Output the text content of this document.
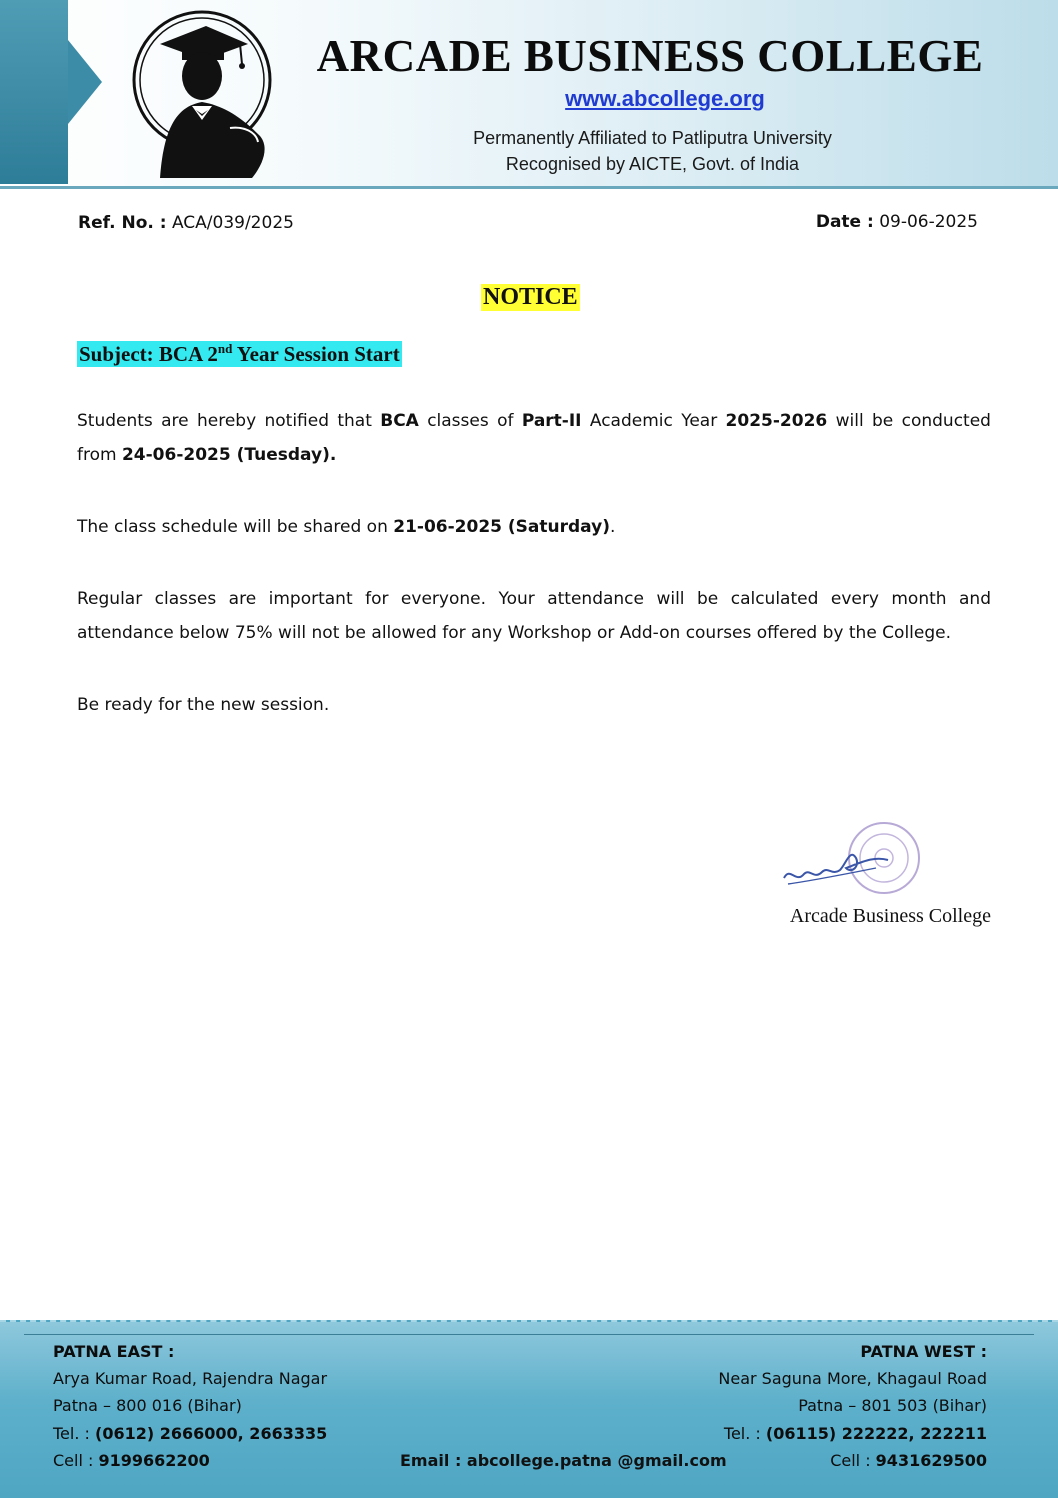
ARCADE BUSINESS COLLEGE
www.abcollege.org
Permanently Affiliated to Patliputra University
Recognised by AICTE, Govt. of India
Ref. No. : ACA/039/2025	Date : 09-06-2025
NOTICE
Subject: BCA 2nd Year Session Start
Students are hereby notified that BCA classes of Part-II Academic Year 2025-2026 will be conducted from 24-06-2025 (Tuesday).
The class schedule will be shared on 21-06-2025 (Saturday).
Regular classes are important for everyone. Your attendance will be calculated every month and attendance below 75% will not be allowed for any Workshop or Add-on courses offered by the College.
Be ready for the new session.
Arcade Business College
PATNA EAST :
Arya Kumar Road, Rajendra Nagar
Patna – 800 016 (Bihar)
Tel. : (0612) 2666000, 2663335
Cell : 9199662200	Email : abcollege.patna @gmail.com
PATNA WEST :
Near Saguna More, Khagaul Road
Patna – 801 503 (Bihar)
Tel. : (06115) 222222, 222211
Cell : 9431629500
